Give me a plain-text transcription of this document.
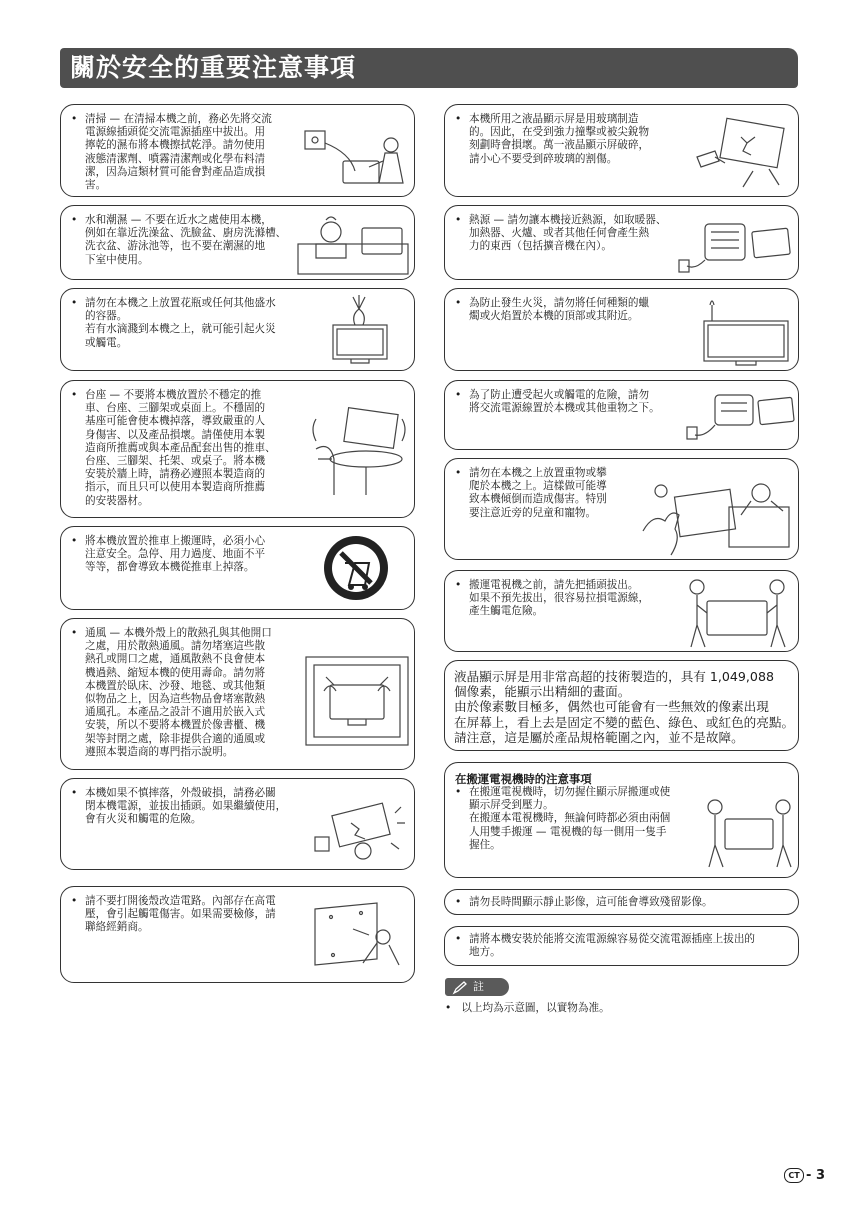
關於安全的重要注意事項
• 清掃 — 在清掃本機之前，務必先將交流
電源線插頭從交流電源插座中拔出。用
擰乾的濕布將本機擦拭乾淨。請勿使用
液態清潔劑、噴霧清潔劑或化學布料清
潔，因為這類材質可能會對產品造成損
害。
• 水和潮濕 — 不要在近水之處使用本機，
例如在靠近洗澡盆、洗臉盆、廚房洗滌槽、
洗衣盆、游泳池等，也不要在潮濕的地
下室中使用。
• 請勿在本機之上放置花瓶或任何其他盛水
的容器。
若有水滴濺到本機之上，就可能引起火災
或觸電。
• 台座 — 不要將本機放置於不穩定的推
車、台座、三腳架或桌面上。不穩固的
基座可能會使本機掉落，導致嚴重的人
身傷害、以及產品損壞。請僅使用本製
造商所推薦或與本產品配套出售的推車、
台座、三腳架、托架、或桌子。將本機
安裝於牆上時，請務必遵照本製造商的
指示，而且只可以使用本製造商所推薦
的安裝器材。
• 將本機放置於推車上搬運時，必須小心
注意安全。急停、用力過度、地面不平
等等，都會導致本機從推車上掉落。
• 通風 — 本機外殼上的散熱孔與其他開口
之處，用於散熱通風。請勿堵塞這些散
熱孔或開口之處，通風散熱不良會使本
機過熱、縮短本機的使用壽命。請勿將
本機置於臥床、沙發、地毯、或其他類
似物品之上，因為這些物品會堵塞散熱
通風孔。本產品之設計不適用於嵌入式
安裝，所以不要將本機置於像書櫃、機
架等封閉之處，除非提供合適的通風或
遵照本製造商的專門指示說明。
• 本機如果不慎摔落，外殼破損，請務必關
閉本機電源，並拔出插頭。如果繼續使用，
會有火災和觸電的危險。
• 請不要打開後殼改造電路。內部存在高電
壓，會引起觸電傷害。如果需要檢修，請
聯絡經銷商。
• 本機所用之液晶顯示屏是用玻璃制造
的。因此，在受到強力撞擊或被尖銳物
刻劃時會損壞。萬一液晶顯示屏破碎，
請小心不要受到碎玻璃的割傷。
• 熱源 — 請勿讓本機接近熱源，如取暖器、
加熱器、火爐、或者其他任何會產生熱
力的東西（包括擴音機在內）。
• 為防止發生火災，請勿將任何種類的蠟
燭或火焰置於本機的頂部或其附近。
• 為了防止遭受起火或觸電的危險，請勿
將交流電源線置於本機或其他重物之下。
• 請勿在本機之上放置重物或攀
爬於本機之上。這樣做可能導
致本機傾倒而造成傷害。特別
要注意近旁的兒童和寵物。
• 搬運電視機之前，請先把插頭拔出。
如果不預先拔出，很容易拉損電源線，
產生觸電危險。
液晶顯示屏是用非常高超的技術製造的，具有 1,049,088
個像素，能顯示出精細的畫面。
由於像素數目極多，偶然也可能會有一些無效的像素出現
在屏幕上，看上去是固定不變的藍色、綠色、或紅色的亮點。
請注意，這是屬於產品規格範圍之內，並不是故障。
在搬運電視機時的注意事項
• 在搬運電視機時，切勿握住顯示屏搬運或使
顯示屏受到壓力。
在搬運本電視機時，無論何時都必須由兩個
人用雙手搬運 — 電視機的每一側用一隻手
握住。
• 請勿長時間顯示靜止影像，這可能會導致殘留影像。
• 請將本機安裝於能將交流電源線容易從交流電源插座上拔出的
地方。
註
• 以上均為示意圖，以實物為准。
CT - 3
